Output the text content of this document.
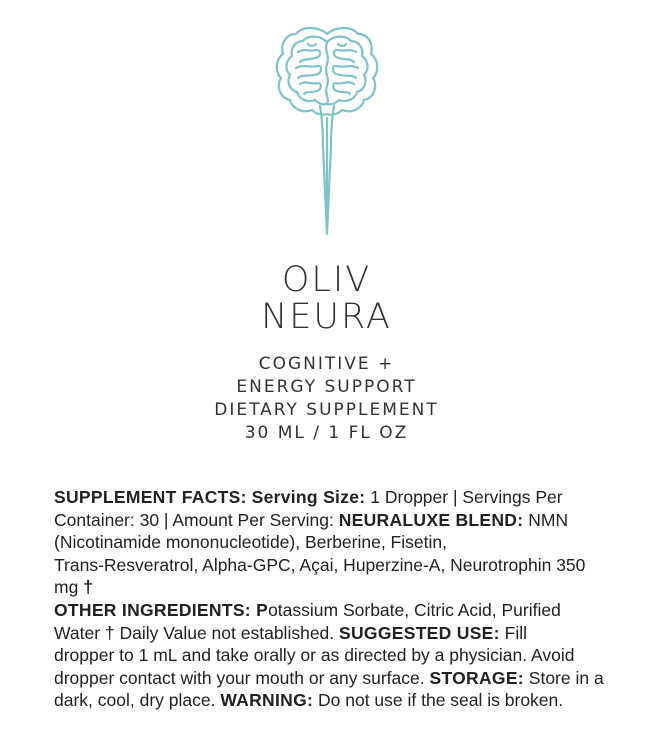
OLIV
NEURA
COGNITIVE +
ENERGY SUPPORT
DIETARY SUPPLEMENT
30 ML / 1 FL OZ
SUPPLEMENT FACTS: Serving Size: 1 Dropper | Servings Per
Container: 30 | Amount Per Serving: NEURALUXE BLEND: NMN
(Nicotinamide mononucleotide), Berberine, Fisetin,
Trans-Resveratrol, Alpha-GPC, Açai, Huperzine-A, Neurotrophin 350
mg †
OTHER INGREDIENTS: Potassium Sorbate, Citric Acid, Purified
Water † Daily Value not established. SUGGESTED USE: Fill
dropper to 1 mL and take orally or as directed by a physician. Avoid
dropper contact with your mouth or any surface. STORAGE: Store in a
dark, cool, dry place. WARNING: Do not use if the seal is broken.
